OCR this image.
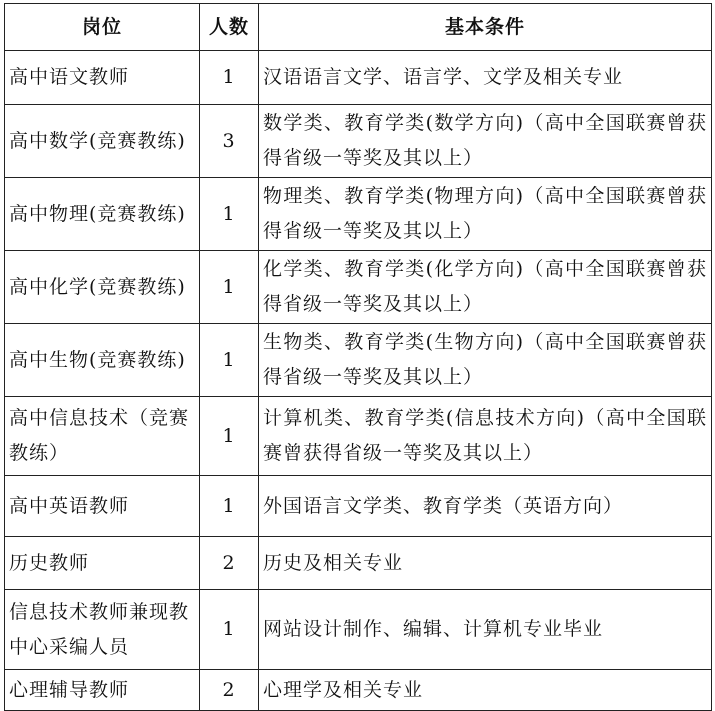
岗位	人数	基本条件
高中语文教师	1	汉语语言文学、语言学、文学及相关专业
高中数学(竞赛教练)	3	数学类、教育学类(数学方向)（高中全国联赛曾获得省级一等奖及其以上）
高中物理(竞赛教练)	1	物理类、教育学类(物理方向)（高中全国联赛曾获得省级一等奖及其以上）
高中化学(竞赛教练)	1	化学类、教育学类(化学方向)（高中全国联赛曾获得省级一等奖及其以上）
高中生物(竞赛教练)	1	生物类、教育学类(生物方向)（高中全国联赛曾获得省级一等奖及其以上）
高中信息技术（竞赛教练）	1	计算机类、教育学类(信息技术方向)（高中全国联赛曾获得省级一等奖及其以上）
高中英语教师	1	外国语言文学类、教育学类（英语方向）
历史教师	2	历史及相关专业
信息技术教师兼现教中心采编人员	1	网站设计制作、编辑、计算机专业毕业
心理辅导教师	2	心理学及相关专业
